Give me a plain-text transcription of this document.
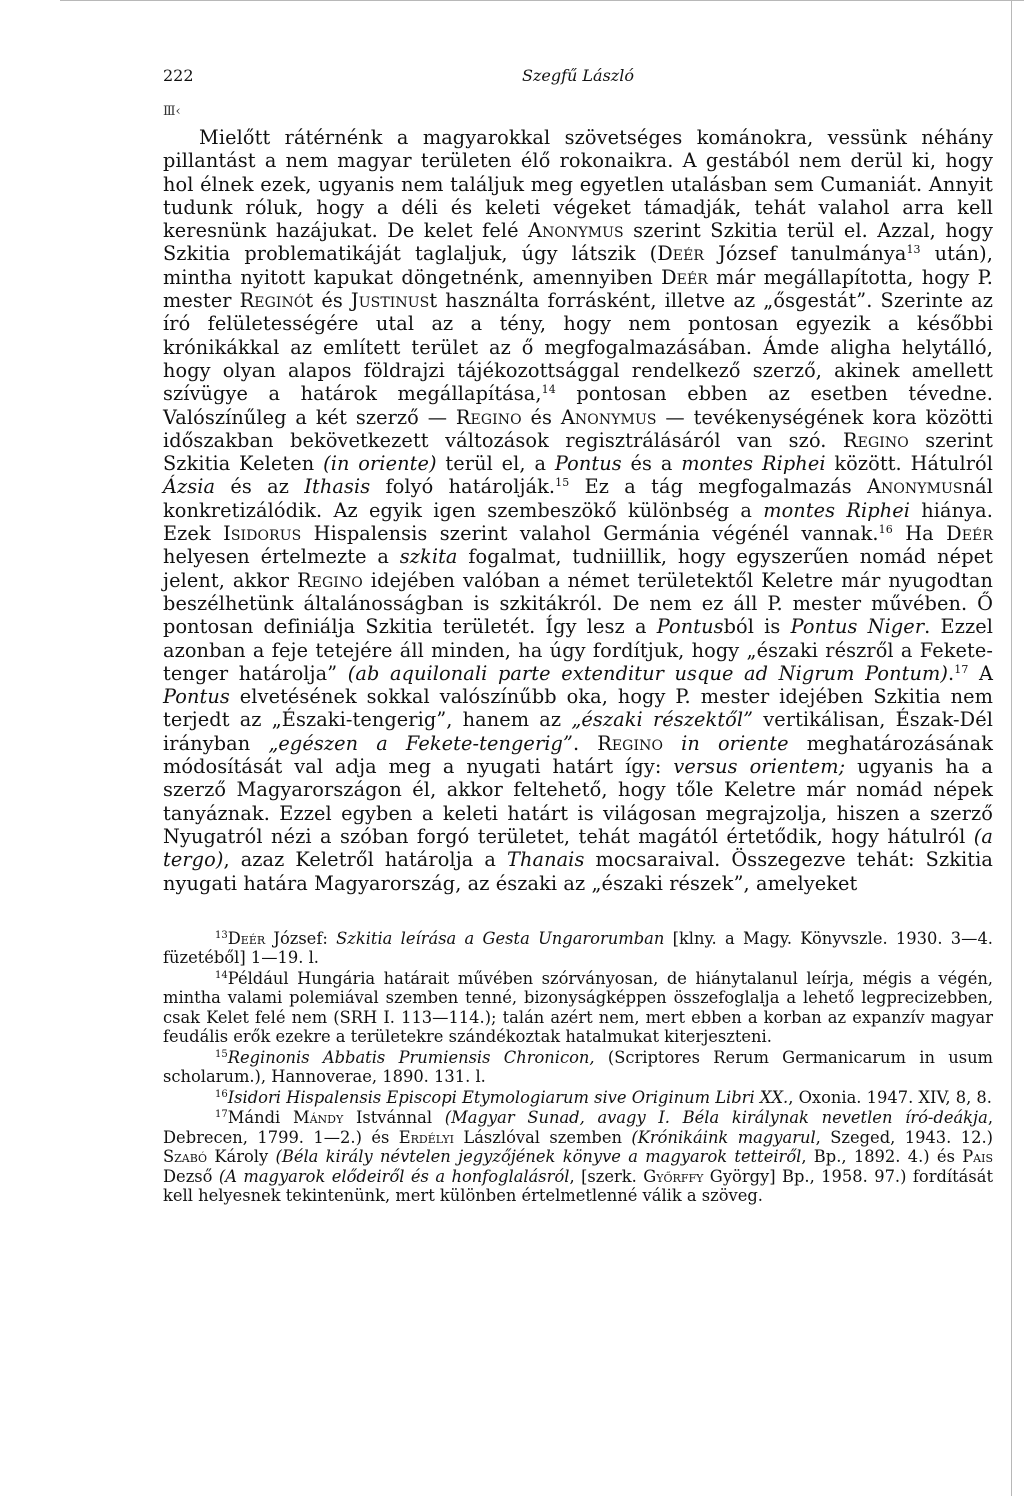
222	Szegfű László
Ⅲ‹

Mielőtt rátérnénk a magyarokkal szövetséges kománokra, vessünk néhány pillantást a nem magyar területen élő rokonaikra. A gestából nem derül ki, hogy hol élnek ezek, ugyanis nem találjuk meg egyetlen utalásban sem Cumaniát. Annyit tudunk róluk, hogy a déli és keleti végeket támadják, tehát valahol arra kell keresnünk hazájukat. De kelet felé Anonymus szerint Szkitia terül el. Azzal, hogy Szkitia problematikáját taglaljuk, úgy látszik (Deér József tanulmánya$^{13}$ után), mintha nyitott kapukat döngetnénk, amennyiben Deér már megállapította, hogy P. mester Reginót és Justinust használta forrásként, illetve az „ősgestát”. Szerinte az író felületességére utal az a tény, hogy nem pontosan egyezik a későbbi krónikákkal az említett terület az ő megfogalmazásában. Ámde aligha helytálló, hogy olyan alapos földrajzi tájékozottsággal rendelkező szerző, akinek amellett szívügye a határok megállapítása,$^{14}$ pontosan ebben az esetben tévedne. Valószínűleg a két szerző — Regino és Anonymus — tevékenységének kora közötti időszakban bekövetkezett változások regisztrálásáról van szó. Regino szerint Szkitia Keleten (in oriente) terül el, a Pontus és a montes Riphei között. Hátulról Ázsia és az Ithasis folyó határolják.$^{15}$ Ez a tág megfogalmazás Anonymusnál konkretizálódik. Az egyik igen szembeszökő különbség a montes Riphei hiánya. Ezek Isidorus Hispalensis szerint valahol Germánia végénél vannak.$^{16}$ Ha Deér helyesen értelmezte a szkita fogalmat, tudniillik, hogy egyszerűen nomád népet jelent, akkor Regino idejében valóban a német területektől Keletre már nyugodtan beszélhetünk általánosságban is szkitákról. De nem ez áll P. mester művében. Ő pontosan definiálja Szkitia területét. Így lesz a Pontusból is Pontus Niger. Ezzel azonban a feje tetejére áll minden, ha úgy fordítjuk, hogy „északi részről a Fekete-tenger határolja” (ab aquilonali parte extenditur usque ad Nigrum Pontum).$^{17}$ A Pontus elvetésének sokkal valószínűbb oka, hogy P. mester idejében Szkitia nem terjedt az „Északi-tengerig”, hanem az „északi részektől” vertikálisan, Észak-Dél irányban „egészen a Fekete-tengerig”. Regino in oriente meghatározásának módosítását val adja meg a nyugati határt így: versus orientem; ugyanis ha a szerző Magyarországon él, akkor feltehető, hogy tőle Keletre már nomád népek tanyáznak. Ezzel egyben a keleti határt is világosan megrajzolja, hiszen a szerző Nyugatról nézi a szóban forgó területet, tehát magától értetődik, hogy hátulról (a tergo), azaz Keletről határolja a Thanais mocsaraival. Összegezve tehát: Szkitia nyugati határa Magyarország, az északi az „északi részek”, amelyeket

$^{13}$Deér József: Szkitia leírása a Gesta Ungarorumban [klny. a Magy. Könyvszle. 1930. 3—4. füzetéből] 1—19. l.

$^{14}$Például Hungária határait művében szórványosan, de hiánytalanul leírja, mégis a végén, mintha valami polemiával szemben tenné, bizonyságképpen összefoglalja a lehető legprecizebben, csak Kelet felé nem (SRH I. 113—114.); talán azért nem, mert ebben a korban az expanzív magyar feudális erők ezekre a területekre szándékoztak hatalmukat kiterjeszteni.

$^{15}$Reginonis Abbatis Prumiensis Chronicon, (Scriptores Rerum Germanicarum in usum scholarum.), Hannoverae, 1890. 131. l.

$^{16}$Isidori Hispalensis Episcopi Etymologiarum sive Originum Libri XX., Oxonia. 1947. XIV, 8, 8.

$^{17}$Mándi Mándy Istvánnal (Magyar Sunad, avagy I. Béla királynak nevetlen író-deákja, Debrecen, 1799. 1—2.) és Erdélyi Lászlóval szemben (Krónikáink magyarul, Szeged, 1943. 12.) Szabó Károly (Béla király névtelen jegyzőjének könyve a magyarok tetteiről, Bp., 1892. 4.) és Pais Dezső (A magyarok elődeiről és a honfoglalásról, [szerk. Győrffy György] Bp., 1958. 97.) fordítását kell helyesnek tekintenünk, mert különben értelmetlenné válik a szöveg.
